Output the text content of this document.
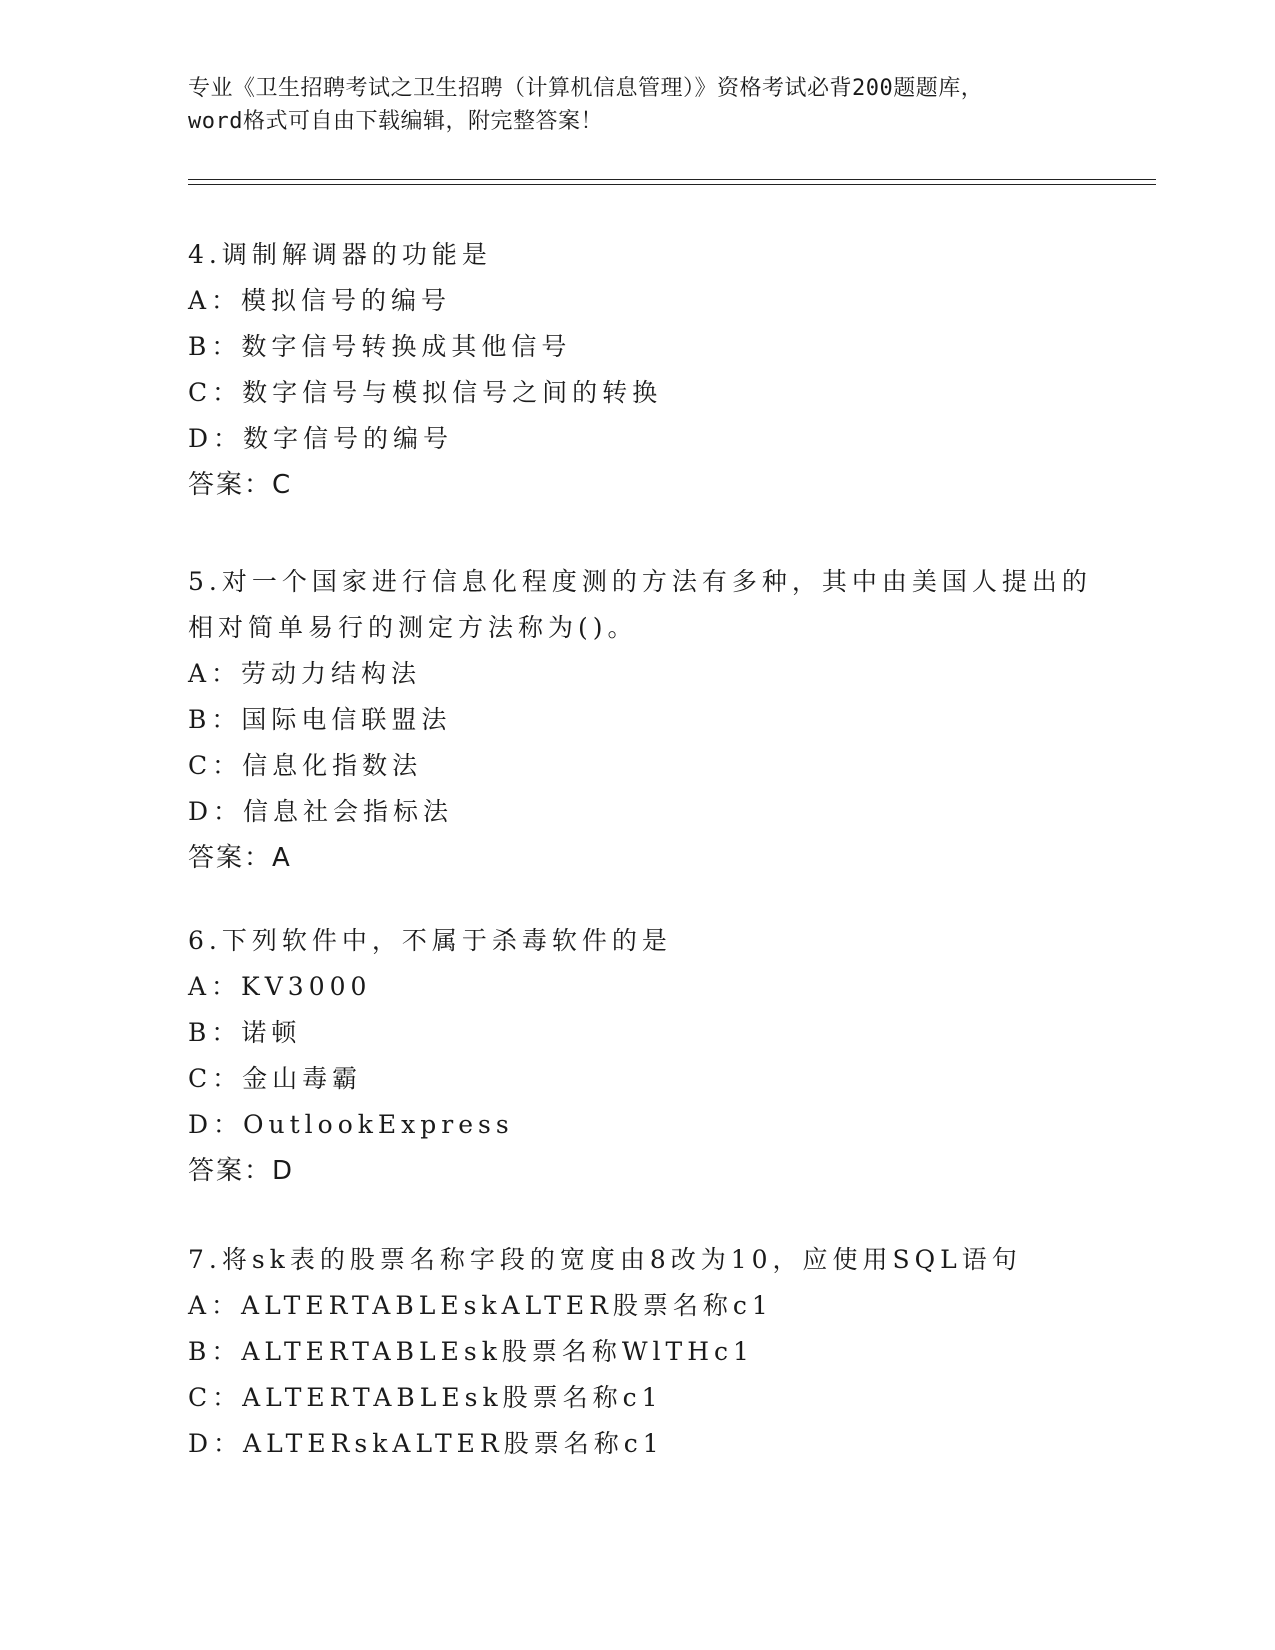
专业《卫生招聘考试之卫生招聘（计算机信息管理）》资格考试必背200题题库，
word格式可自由下载编辑，附完整答案！
4.调制解调器的功能是
A：模拟信号的编号
B：数字信号转换成其他信号
C：数字信号与模拟信号之间的转换
D：数字信号的编号
答案：C
5.对一个国家进行信息化程度测的方法有多种，其中由美国人提出的
相对简单易行的测定方法称为()。
A：劳动力结构法
B：国际电信联盟法
C：信息化指数法
D：信息社会指标法
答案：A
6.下列软件中，不属于杀毒软件的是
A：KV3000
B：诺顿
C：金山毒霸
D：OutlookExpress
答案：D
7.将sk表的股票名称字段的宽度由8改为10，应使用SQL语句
A：ALTERTABLEskALTER股票名称c1
B：ALTERTABLEsk股票名称WlTHc1
C：ALTERTABLEsk股票名称c1
D：ALTERskALTER股票名称c1
